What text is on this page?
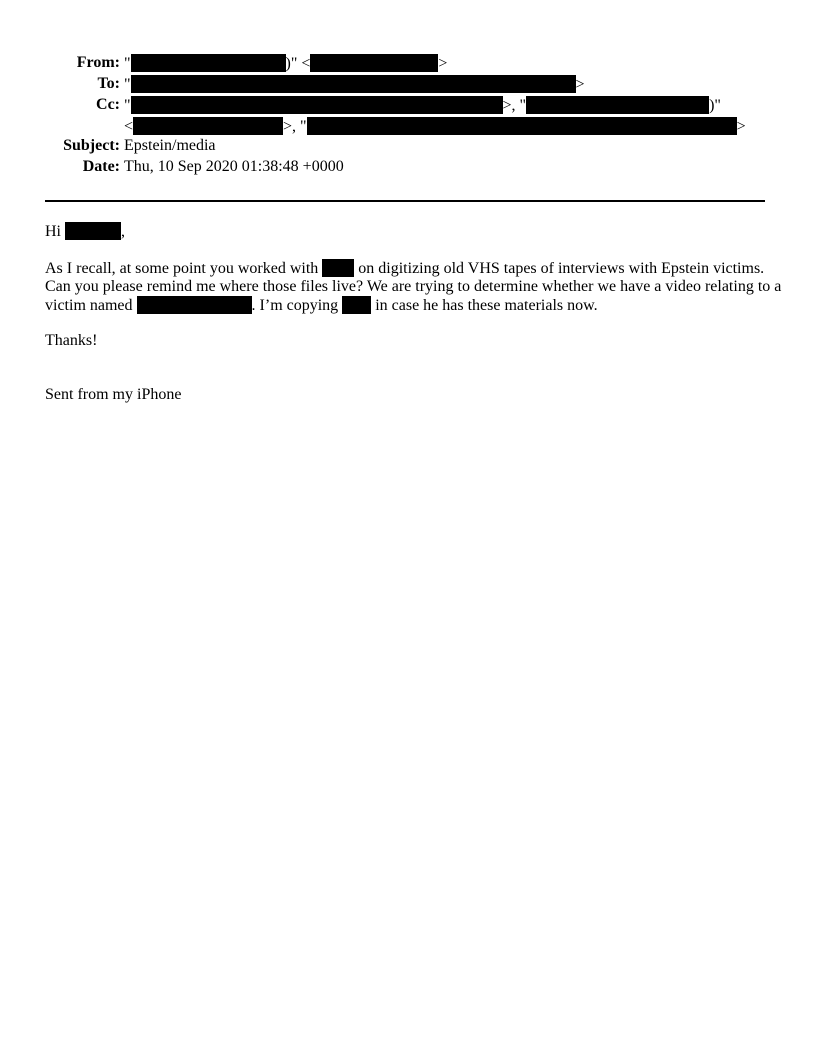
From: "	)" <	>
To: "	>
Cc: "	>, "	)"
<	>, "	>
Subject: Epstein/media
Date: Thu, 10 Sep 2020 01:38:48 +0000

Hi	,

As I recall, at some point you worked with	on digitizing old VHS tapes of interviews with Epstein victims. Can you please remind me where those files live? We are trying to determine whether we have a video relating to a victim named	. I’m copying in case he has these materials now.

Thanks!

Sent from my iPhone
